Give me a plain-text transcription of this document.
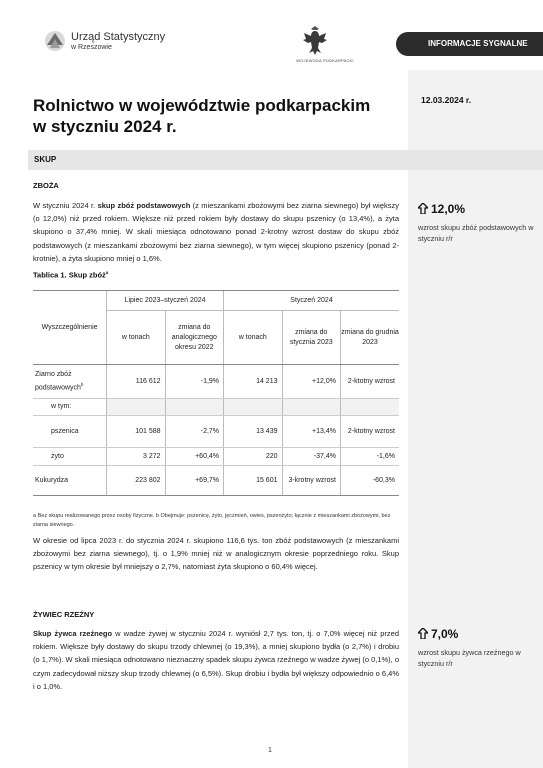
Urząd Statystyczny
w Rzeszowie
WOJEWODA PODKARPACKI
INFORMACJE SYGNALNE
Rolnictwo w województwie podkarpackim
w styczniu 2024 r.
12.03.2024 r.
SKUP
ZBOŻA
W styczniu 2024 r. skup zbóż podstawowych (z mieszankami zbożowymi bez ziarna siewnego) był większy (o 12,0%) niż przed rokiem. Większe niż przed rokiem były dostawy do skupu pszenicy (o 13,4%), a żyta skupiono o 37,4% mniej. W skali miesiąca odnotowano ponad 2-krotny wzrost dostaw do skupu zbóż podstawowych (z mieszankami zbożowymi bez ziarna siewnego), w tym więcej skupiono pszenicy (ponad 2-krotnie), a żyta skupiono mniej o 1,6%.
12,0%
wzrost skupu zbóż podstawowych w styczniu r/r
Tablica 1. Skup zbóż$^a$
Wyszczególnienie	Lipiec 2023–styczeń 2024		Styczeń 2024		
	w tonach	zmiana do analogicznego okresu 2022	w tonach	zmiana do stycznia 2023	zmiana do grudnia 2023
Ziarno zbóż podstawowych$^b$	116 612	-1,9%	14 213	+12,0%	2-ktotny wzrost
w tym:					
pszenica	101 588	-2,7%	13 439	+13,4%	2-ktotny wzrost
żyto	3 272	+60,4%	220	-37,4%	-1,6%
Kukurydza	223 802	+69,7%	15 601	3-krotny wzrost	-60,3%
a Bez skupu realizowanego przez osoby fizyczne. b Obejmuje: pszenicę, żyto, jęczmień, owies, pszenżyto; łącznie z mieszankami zbożowymi, bez ziarna siewnego.
W okresie od lipca 2023 r. do stycznia 2024 r. skupiono 116,6 tys. ton zbóż podstawowych (z mieszankami zbożowymi bez ziarna siewnego), tj. o 1,9% mniej niż w analogicznym okresie poprzedniego roku. Skup pszenicy w tym okresie był mniejszy o 2,7%, natomiast żyta skupiono o 60,4% więcej.
ŻYWIEC RZEŹNY
Skup żywca rzeźnego w wadze żywej w styczniu 2024 r. wyniósł 2,7 tys. ton, tj. o 7,0% więcej niż przed rokiem. Większe były dostawy do skupu trzody chlewnej (o 19,3%), a mniej skupiono bydła (o 2,7%) i drobiu (o 1,7%). W skali miesiąca odnotowano nieznaczny spadek skupu żywca rzeźnego w wadze żywej (o 0,1%), o czym zadecydował niższy skup trzody chlewnej (o 6,5%). Skup drobiu i bydła był większy odpowiednio o 6,4% i o 1,0%.
7,0%
wzrost skupu żywca rzeźnego w styczniu r/r
1
